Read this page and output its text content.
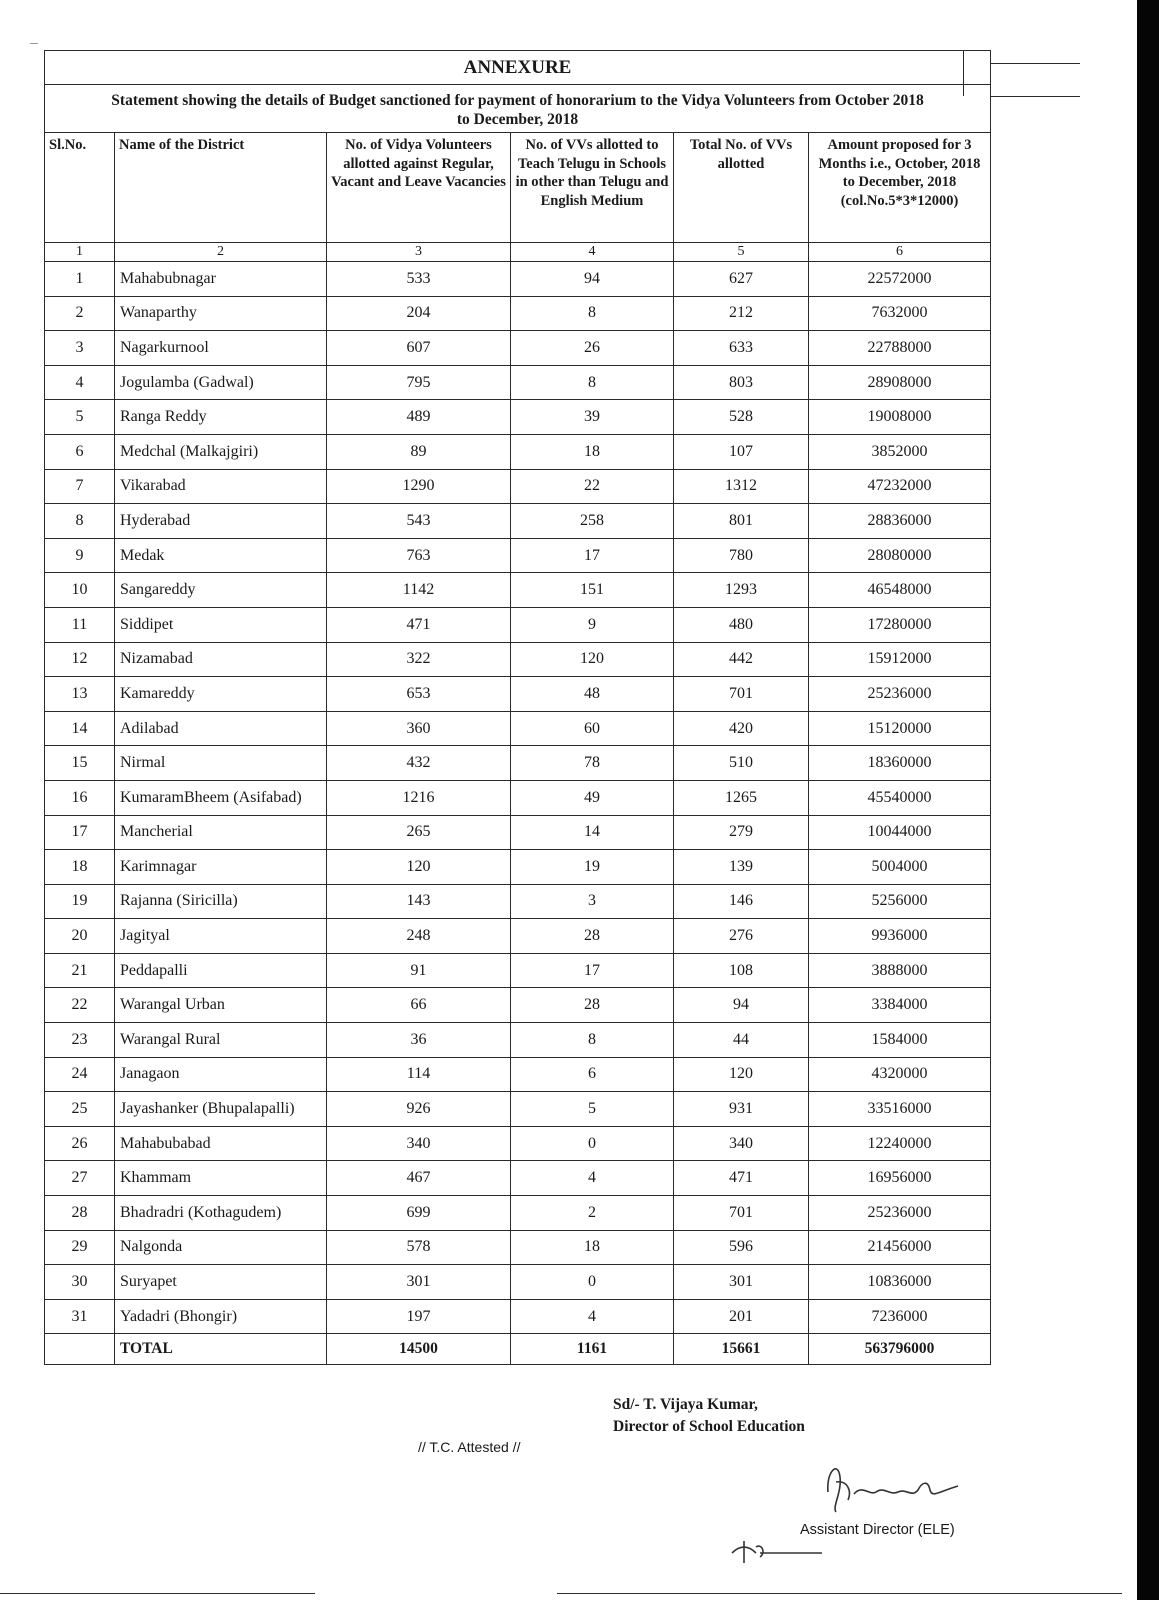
ANNEXURE					

Statement showing the details of Budget sanctioned for payment of honorarium to the Vidya Volunteers from October 2018
to December, 2018					

Sl.No.	Name of the District	No. of Vidya Volunteers allotted against Regular, Vacant and Leave Vacancies	No. of VVs allotted to Teach Telugu in Schools in other than Telugu and English Medium	Total No. of VVs allotted	Amount proposed for 3 Months i.e., October, 2018 to December, 2018 (col.No.5*3*12000)
1	2	3	4	5	6
1	Mahabubnagar	533	94	627	22572000
2	Wanaparthy	204	8	212	7632000
3	Nagarkurnool	607	26	633	22788000
4	Jogulamba (Gadwal)	795	8	803	28908000
5	Ranga Reddy	489	39	528	19008000
6	Medchal (Malkajgiri)	89	18	107	3852000
7	Vikarabad	1290	22	1312	47232000
8	Hyderabad	543	258	801	28836000
9	Medak	763	17	780	28080000
10	Sangareddy	1142	151	1293	46548000
11	Siddipet	471	9	480	17280000
12	Nizamabad	322	120	442	15912000
13	Kamareddy	653	48	701	25236000
14	Adilabad	360	60	420	15120000
15	Nirmal	432	78	510	18360000
16	KumaramBheem (Asifabad)	1216	49	1265	45540000
17	Mancherial	265	14	279	10044000
18	Karimnagar	120	19	139	5004000
19	Rajanna (Siricilla)	143	3	146	5256000
20	Jagityal	248	28	276	9936000
21	Peddapalli	91	17	108	3888000
22	Warangal Urban	66	28	94	3384000
23	Warangal Rural	36	8	44	1584000
24	Janagaon	114	6	120	4320000
25	Jayashanker (Bhupalapalli)	926	5	931	33516000
26	Mahabubabad	340	0	340	12240000
27	Khammam	467	4	471	16956000
28	Bhadradri (Kothagudem)	699	2	701	25236000
29	Nalgonda	578	18	596	21456000
30	Suryapet	301	0	301	10836000
31	Yadadri (Bhongir)	197	4	201	7236000
	TOTAL	14500	1161	15661	563796000
Sd/- T. Vijaya Kumar,
Director of School Education
// T.C. Attested //
Assistant Director (ELE)
